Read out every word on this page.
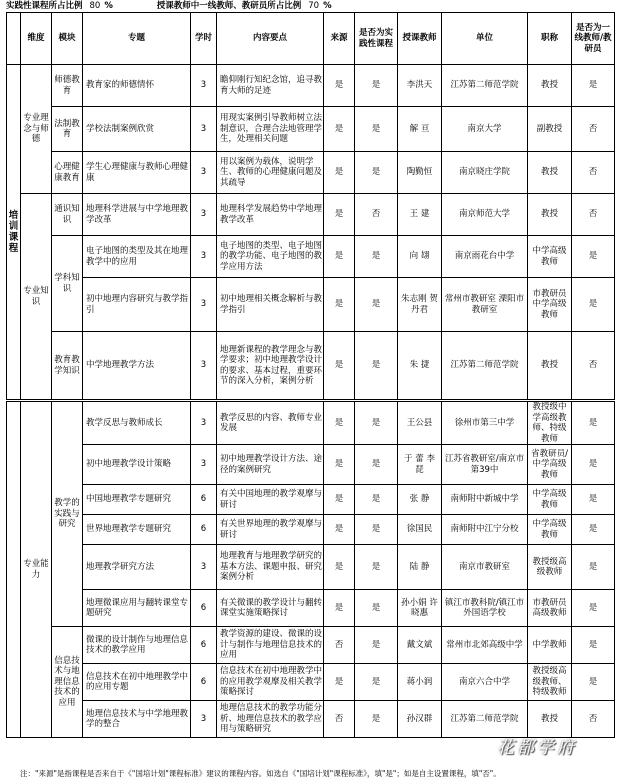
实践性课程所占比例 80 %	授课教师中一线教师、教研员所占比例 70 %
	维度	模块	专题	学时	内容要点	来源	是否为实践性课程	授课教师	单位	职称	是否为一线教师/教研员

培训课程	专业理念与师德	师德教育	教育家的师德情怀	3	瞻仰刚行知纪念馆，追寻教育大师的足迹	是	是	李洪天	江苏第二师范学院	教授	是
		法制教育	学校法制案例欣赏	3	用现实案例引导教师树立法制意识，合理合法地管理学生，处理相关问题	是	是	解 亘	南京大学	副教授	否
		心理健康教育	学生心理健康与教师心理健康	3	用以案例为载体，说明学生、教师的心理健康问题及其疏导	是	是	陶勤恒	南京晓庄学院	教授	否
	专业知识	通识知识	地理科学进展与中学地理教学改革	3	地理科学发展趋势中学地理教学改革	是	否	王 建	南京师范大学	教授	否
		学科知识	电子地图的类型及其在地理教学中的应用	3	电子地图的类型、电子地图的教学功能、电子地图的教学应用方法	是	是	向 翃	南京雨花台中学	中学高级教师	是
			初中地理内容研究与教学指引	3	初中地理相关概念解析与教学指引	是	是	朱志刚 贺丹君	常州市教研室 溧阳市教研室	市教研员 中学高级教师	是
		教育教学知识	中学地理教学方法	3	地理新课程的教学理念与教学要求；初中地理教学设计的要求、基本过程，重要环节的深入分析，案例分析	是	是	朱 捷	江苏第二师范学院	教授	否
	专业能力	教学的实践与研究	教学反思与教师成长	3	教学反思的内容、教师专业发展	是	是	王公县	徐州市第三中学	教授级中学高级教师、特级教师	是
			初中地理教学设计策略	3	初中地理教学设计方法、途径的案例研究	是	是	于 蕾 李 琵	江苏省教研室/南京市第39中	省教研员/中学高级教师	是
			中国地理教学专题研究	6	有关中国地理的教学观摩与研讨	是	是	张 静	南师附中新城中学	中学高级教师	是
			世界地理教学专题研究	6	有关世界地理的教学观摩与研讨	是	是	徐国民	南师附中江宁分校	中学高级教师	是
			地理教学研究方法	3	地理教育与地理教学研究的基本方法、课题申报、研究案例分析	是	是	陆 静	南京市教研室	教授级高级教师	是
			地理微课应用与翻转课堂专题研究	6	有关微课的教学设计与翻转课堂实施策略探讨	是	是	孙小娟 许晓惠	镇江市教科院/镇江市外国语学校	市教研员 高级教师	是
		信息技术与地理信息技术的应用	微课的设计制作与地理信息技术的教学应用	6	教学资源的建设、微课的设计与制作与地理信息技术的应用	否	是	戴文斌	常州市北郊高级中学	中学教师	是
			信息技术在初中地理教学中的应用专题	6	信息技术在初中地理教学中的应用教学观摩及相关教学策略探讨	是	是	蒋小润	南京六合中学	教授级高级教师、特级教师	是
			地理信息技术与中学地理教学的整合	3	地理信息技术的教学功能分析、地理信息技术的教学应用与策略研究	否	是	孙汉群	江苏第二师范学院	教授	否
注："来源"是指课程是否来自于《"国培计划"课程标准》建议的课程内容。如选自《"国培计划"课程标准》，填"是"；如是自主设置课程，填"否"。
花都学府
